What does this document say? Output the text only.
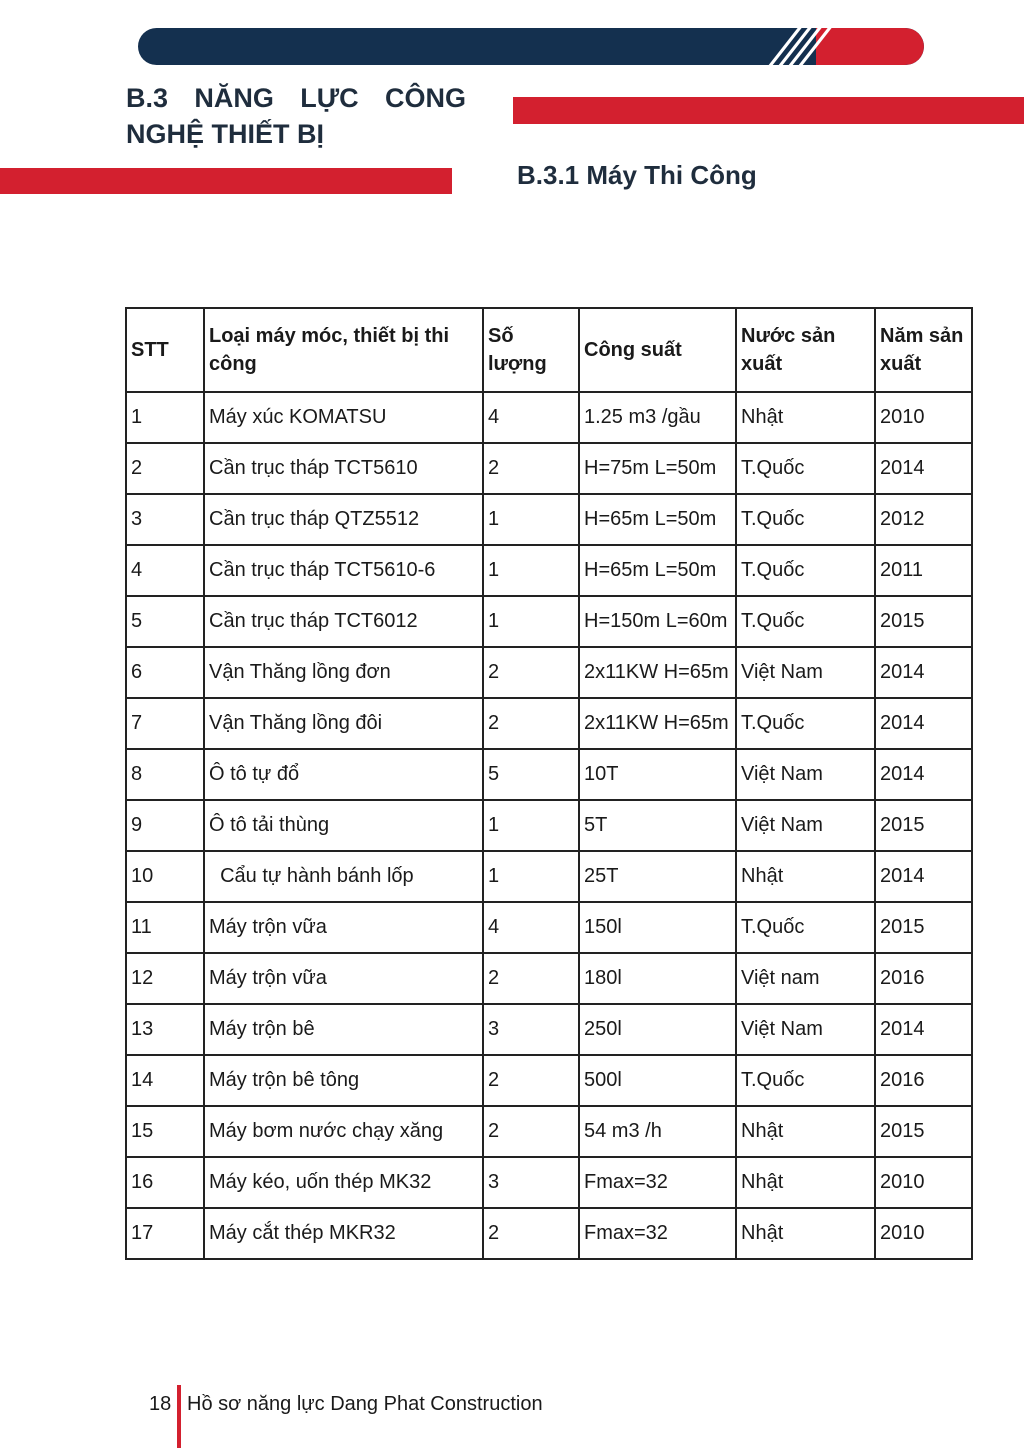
B.3 NĂNG LỰC CÔNG
NGHỆ THIẾT BỊ
B.3.1 Máy Thi Công
STT	Loại máy móc, thiết bị thi công	Số lượng	Công suất	Nước sản xuất	Năm sản xuất
1	Máy xúc KOMATSU	4	1.25 m3 /gầu	Nhật	2010
2	Cần trục tháp TCT5610	2	H=75m L=50m	T.Quốc	2014
3	Cần trục tháp QTZ5512	1	H=65m L=50m	T.Quốc	2012
4	Cần trục tháp TCT5610-6	1	H=65m L=50m	T.Quốc	2011
5	Cần trục tháp TCT6012	1	H=150m L=60m	T.Quốc	2015
6	Vận Thăng lồng đơn	2	2x11KW H=65m	Việt Nam	2014
7	Vận Thăng lồng đôi	2	2x11KW H=65m	T.Quốc	2014
8	Ô tô tự đổ	5	10T	Việt Nam	2014
9	Ô tô tải thùng	1	5T	Việt Nam	2015
10	Cẩu tự hành bánh lốp	1	25T	Nhật	2014
11	Máy trộn vữa	4	150l	T.Quốc	2015
12	Máy trộn vữa	2	180l	Việt nam	2016
13	Máy trộn bê	3	250l	Việt Nam	2014
14	Máy trộn bê tông	2	500l	T.Quốc	2016
15	Máy bơm nước chạy xăng	2	54 m3 /h	Nhật	2015
16	Máy kéo, uốn thép MK32	3	Fmax=32	Nhật	2010
17	Máy cắt thép MKR32	2	Fmax=32	Nhật	2010
18 Hồ sơ năng lực Dang Phat Construction
